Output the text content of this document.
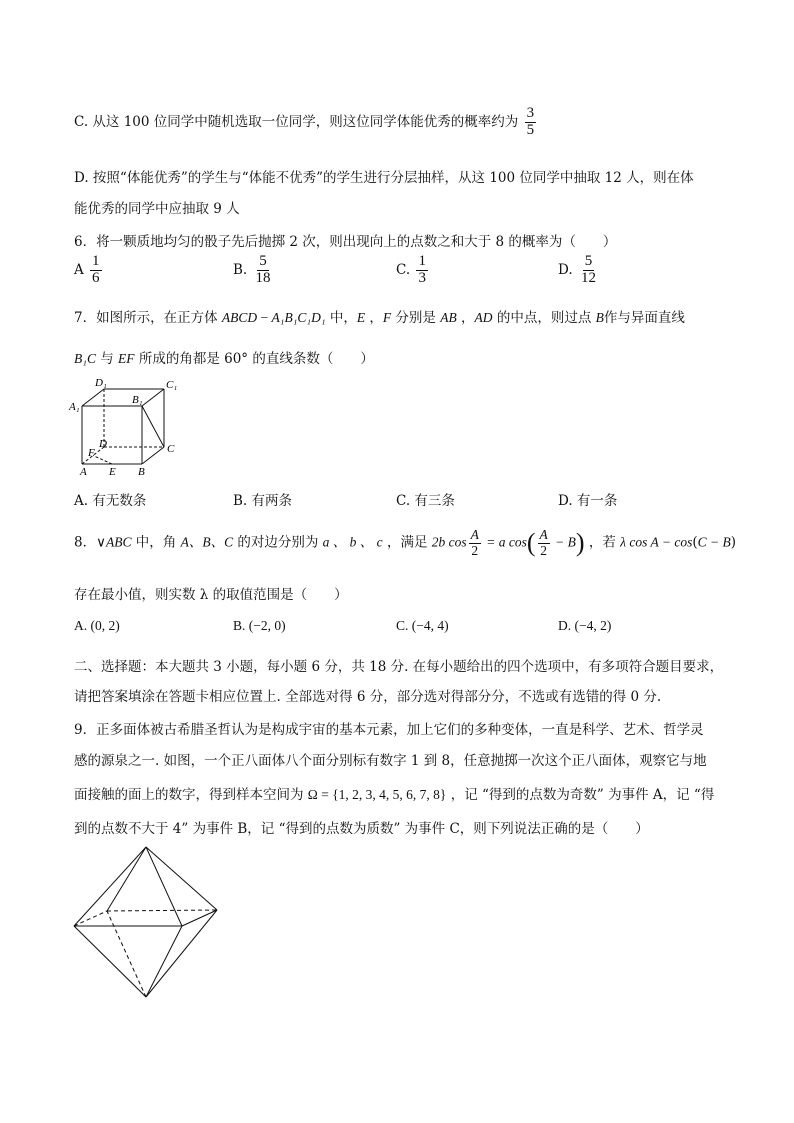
C. 从这 100 位同学中随机选取一位同学，则这位同学体能优秀的概率约为 $\frac{3}{5}$
D. 按照“体能优秀”的学生与“体能不优秀”的学生进行分层抽样，从这 100 位同学中抽取 12 人，则在体
能优秀的同学中应抽取 9 人
6．将一颗质地均匀的骰子先后抛掷 2 次，则出现向上的点数之和大于 8 的概率为（　　）
A $\frac{1}{6}$	B. $\frac{5}{18}$	C. $\frac{1}{3}$	D. $\frac{5}{12}$
7．如图所示，在正方体 ABCD − A₁B₁C₁D₁ 中，E ，F 分别是 AB ，AD 的中点，则过点 B作与异面直线
B₁C 与 EF 所成的角都是 60° 的直线条数（　　）
D₁	C₁
A₁
B₁
D	C
F
A E B
A. 有无数条	B. 有两条	C. 有三条	D. 有一条
8．∨ABC 中，角 A、B、C 的对边分别为 a 、 b 、 c ，满足 2b $\cos \frac{A}{2} = a$ $\cos( \frac{A}{2} - B)$ ，若 λ cos A − cos(C − B)
存在最小值，则实数 λ 的取值范围是（　　）
A. (0, 2)	B. (−2, 0)	C. (−4, 4)	D. (−4, 2)
二、选择题：本大题共 3 小题，每小题 6 分，共 18 分. 在每小题给出的四个选项中，有多项符合题目要求，
请把答案填涂在答题卡相应位置上. 全部选对得 6 分，部分选对得部分分，不选或有选错的得 0 分.
9．正多面体被古希腊圣哲认为是构成宇宙的基本元素，加上它们的多种变体，一直是科学、艺术、哲学灵
感的源泉之一. 如图，一个正八面体八个面分别标有数字 1 到 8，任意抛掷一次这个正八面体，观察它与地
面接触的面上的数字，得到样本空间为 Ω = {1, 2, 3, 4, 5, 6, 7, 8} ，记 “得到的点数为奇数” 为事件 A，记 “得
到的点数不大于 4” 为事件 B，记 “得到的点数为质数” 为事件 C，则下列说法正确的是（　　）
